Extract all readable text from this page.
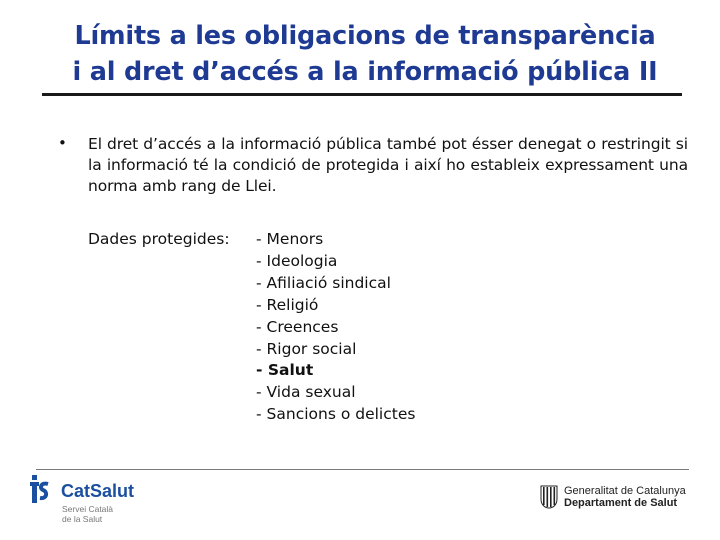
Límits a les obligacions de transparència
i al dret d’accés a la informació pública II
• El dret d’accés a la informació pública també pot ésser denegat o restringit si la informació té la condició de protegida i així ho estableix expressament una norma amb rang de Llei.
Dades protegides:
-	Menors
- Ideologia
- Afiliació sindical
- Religió
- Creences
- Rigor social
- Salut
- Vida sexual
- Sancions o delictes
CatSalut
Servei Català
de la Salut
Generalitat de Catalunya
Departament de Salut
